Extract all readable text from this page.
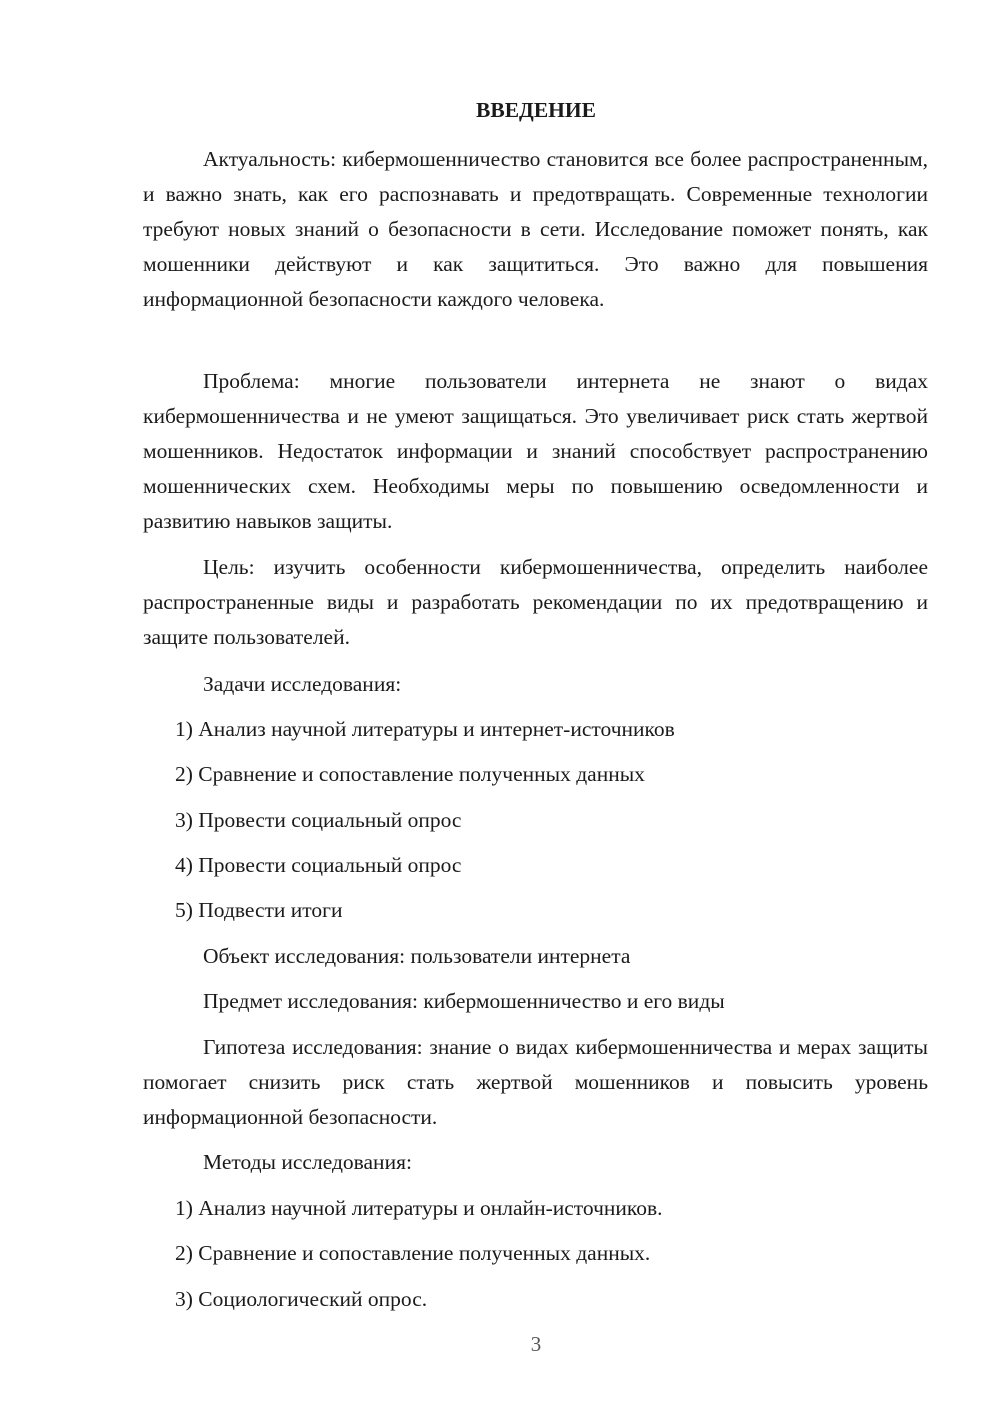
ВВЕДЕНИЕ
Актуальность: кибермошенничество становится все более распространенным, и важно знать, как его распознавать и предотвращать. Современные технологии требуют новых знаний о безопасности в сети. Исследование поможет понять, как мошенники действуют и как защититься. Это важно для повышения информационной безопасности каждого человека.
Проблема: многие пользователи интернета не знают о видах кибермошенничества и не умеют защищаться. Это увеличивает риск стать жертвой мошенников. Недостаток информации и знаний способствует распространению мошеннических схем. Необходимы меры по повышению осведомленности и развитию навыков защиты.
Цель: изучить особенности кибермошенничества, определить наиболее распространенные виды и разработать рекомендации по их предотвращению и защите пользователей.
Задачи исследования:
1) Анализ научной литературы и интернет-источников
2) Сравнение и сопоставление полученных данных
3) Провести социальный опрос
4) Провести социальный опрос
5) Подвести итоги
Объект исследования: пользователи интернета
Предмет исследования: кибермошенничество и его виды
Гипотеза исследования: знание о видах кибермошенничества и мерах защиты помогает снизить риск стать жертвой мошенников и повысить уровень информационной безопасности.
Методы исследования:
1) Анализ научной литературы и онлайн-источников.
2) Сравнение и сопоставление полученных данных.
3) Социологический опрос.
3
